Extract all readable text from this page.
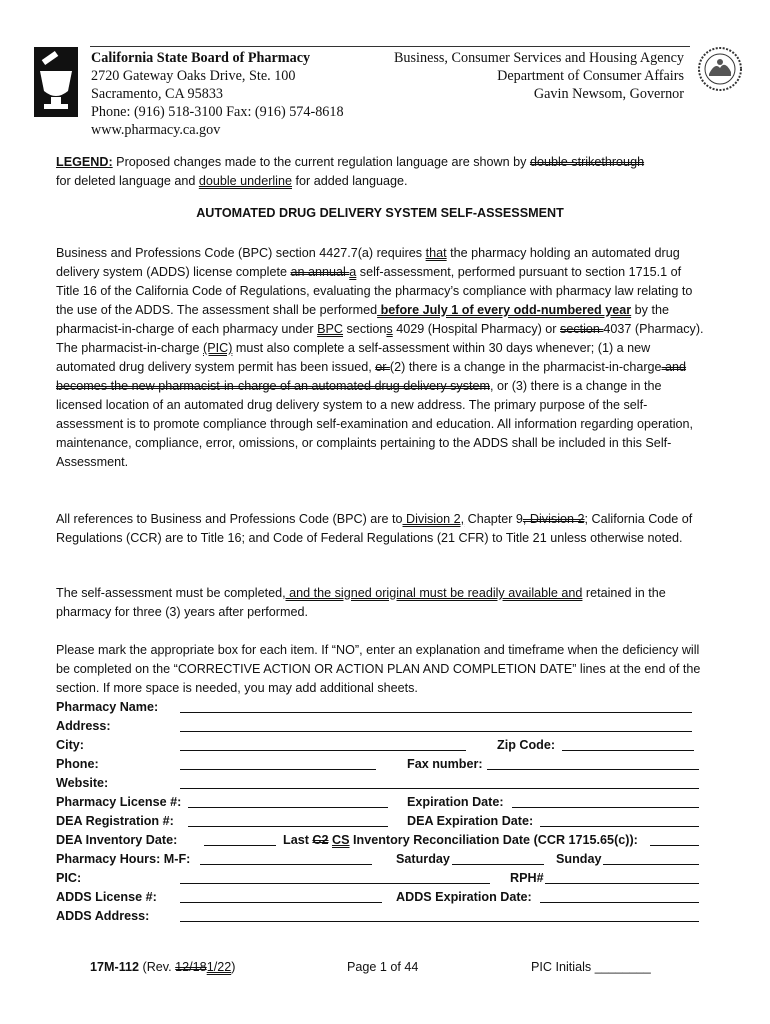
California State Board of Pharmacy
2720 Gateway Oaks Drive, Ste. 100
Sacramento, CA 95833
Phone: (916) 518-3100 Fax: (916) 574-8618
www.pharmacy.ca.gov
Business, Consumer Services and Housing Agency
Department of Consumer Affairs
Gavin Newsom, Governor
LEGEND: Proposed changes made to the current regulation language are shown by double strikethrough
for deleted language and double underline for added language.
AUTOMATED DRUG DELIVERY SYSTEM SELF-ASSESSMENT
Business and Professions Code (BPC) section 4427.7(a) requires that the pharmacy holding an automated drug delivery system (ADDS) license complete an annual a self-assessment, performed pursuant to section 1715.1 of Title 16 of the California Code of Regulations, evaluating the pharmacy’s compliance with pharmacy law relating to the use of the ADDS. The assessment shall be performed before July 1 of every odd-numbered year by the pharmacist-in-charge of each pharmacy under BPC sections 4029 (Hospital Pharmacy) or section 4037 (Pharmacy). The pharmacist-in-charge (PIC) must also complete a self-assessment within 30 days whenever; (1) a new automated drug delivery system permit has been issued, or (2) there is a change in the pharmacist-in-charge and becomes the new pharmacist-in-charge of an automated drug delivery system, or (3) there is a change in the licensed location of an automated drug delivery system to a new address. The primary purpose of the self-assessment is to promote compliance through self-examination and education. All information regarding operation, maintenance, compliance, error, omissions, or complaints pertaining to the ADDS shall be included in this Self-Assessment.
All references to Business and Professions Code (BPC) are to Division 2, Chapter 9, Division 2; California Code of Regulations (CCR) are to Title 16; and Code of Federal Regulations (21 CFR) to Title 21 unless otherwise noted.
The self-assessment must be completed, and the signed original must be readily available and retained in the pharmacy for three (3) years after performed.
Please mark the appropriate box for each item. If “NO”, enter an explanation and timeframe when the deficiency will be completed on the “CORRECTIVE ACTION OR ACTION PLAN AND COMPLETION DATE” lines at the end of the section. If more space is needed, you may add additional sheets.
Pharmacy Name:
Address:
City:	Zip Code:
Phone:	Fax number:
Website:
Pharmacy License #:	Expiration Date:
DEA Registration #:	DEA Expiration Date:
DEA Inventory Date:	Last C2 CS Inventory Reconciliation Date (CCR 1715.65(c)):
Pharmacy Hours: M-F:	Saturday	Sunday
PIC:	RPH#
ADDS License #:	ADDS Expiration Date:
ADDS Address:
17M-112 (Rev. 12/181/22)	Page 1 of 44	PIC Initials ________
